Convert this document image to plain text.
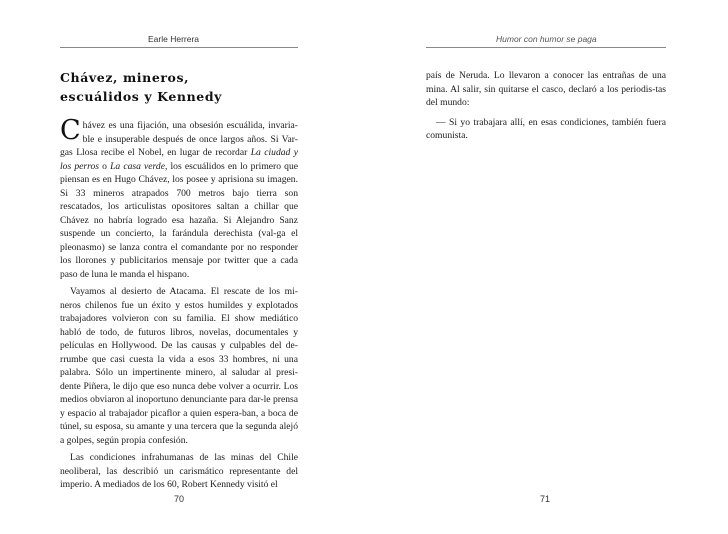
Earle Herrera
Chávez, mineros,
escuálidos y Kennedy

Chávez es una fijación, una obsesión escuálida, invaria-ble e insuperable después de once largos años. Si Var-gas Llosa recibe el Nobel, en lugar de recordar La ciudad y los perros o La casa verde, los escuálidos en lo primero que piensan es en Hugo Chávez, los posee y aprisiona su imagen. Si 33 mineros atrapados 700 metros bajo tierra son rescatados, los articulistas opositores saltan a chillar que Chávez no habría logrado esa hazaña. Si Alejandro Sanz suspende un concierto, la farándula derechista (val-ga el pleonasmo) se lanza contra el comandante por no responder los llorones y publicitarios mensaje por twitter que a cada paso de luna le manda el hispano.

Vayamos al desierto de Atacama. El rescate de los mi-neros chilenos fue un éxito y estos humildes y explotados trabajadores volvieron con su familia. El show mediático habló de todo, de futuros libros, novelas, documentales y películas en Hollywood. De las causas y culpables del de-rrumbe que casi cuesta la vida a esos 33 hombres, ni una palabra. Sólo un impertinente minero, al saludar al presi-dente Piñera, le dijo que eso nunca debe volver a ocurrir. Los medios obviaron al inoportuno denunciante para dar-le prensa y espacio al trabajador picaflor a quien espera-ban, a boca de túnel, su esposa, su amante y una tercera que la segunda alejó a golpes, según propia confesión.

Las condiciones infrahumanas de las minas del Chile neoliberal, las describió un carismático representante del imperio. A mediados de los 60, Robert Kennedy visitó el

70
Humor con humor se paga

país de Neruda. Lo llevaron a conocer las entrañas de una mina. Al salir, sin quitarse el casco, declaró a los periodis-tas del mundo:

— Si yo trabajara allí, en esas condiciones, también fuera comunista.

71
